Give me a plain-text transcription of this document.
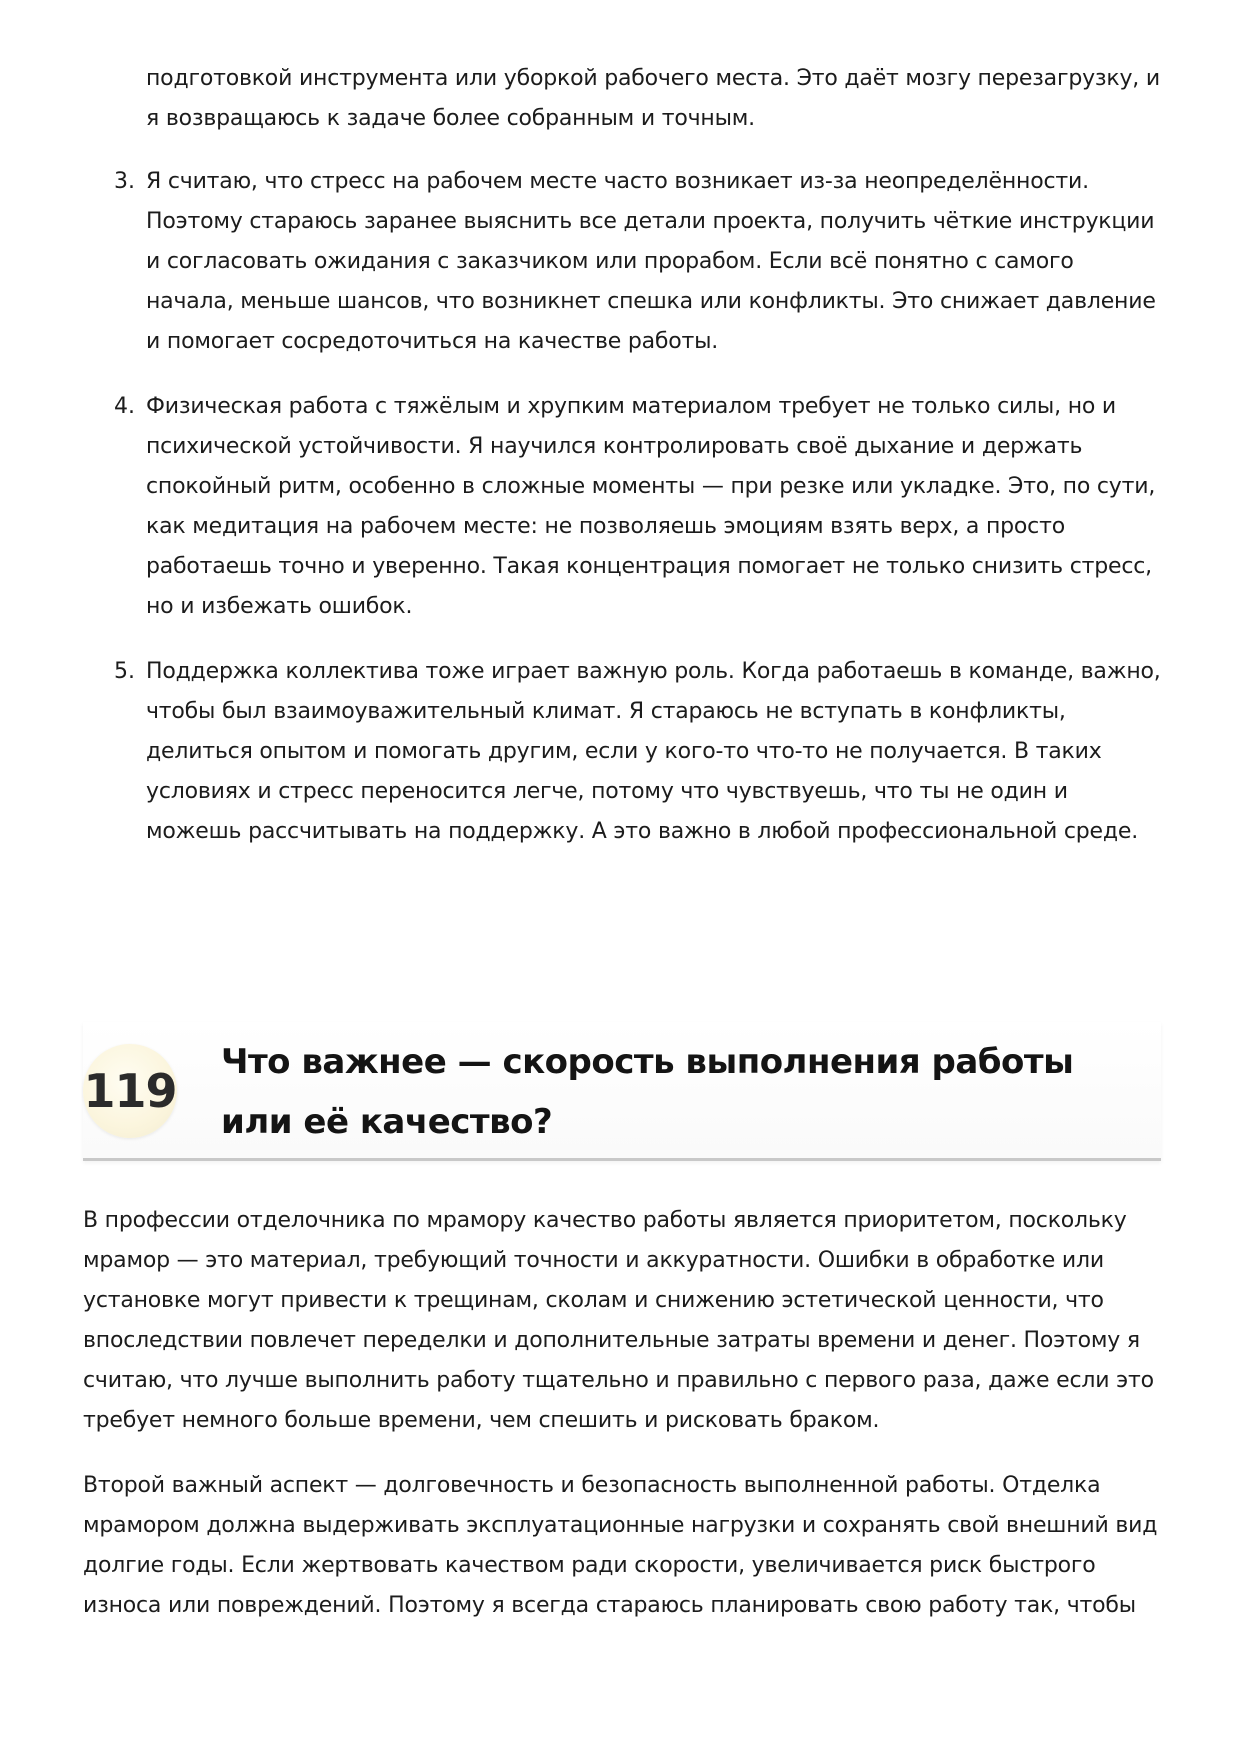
подготовкой инструмента или уборкой рабочего места. Это даёт мозгу перезагрузку, и я возвращаюсь к задаче более собранным и точным.

3. Я считаю, что стресс на рабочем месте часто возникает из-за неопределённости. Поэтому стараюсь заранее выяснить все детали проекта, получить чёткие инструкции и согласовать ожидания с заказчиком или прорабом. Если всё понятно с самого начала, меньше шансов, что возникнет спешка или конфликты. Это снижает давление и помогает сосредоточиться на качестве работы.

4. Физическая работа с тяжёлым и хрупким материалом требует не только силы, но и психической устойчивости. Я научился контролировать своё дыхание и держать спокойный ритм, особенно в сложные моменты — при резке или укладке. Это, по сути, как медитация на рабочем месте: не позволяешь эмоциям взять верх, а просто работаешь точно и уверенно. Такая концентрация помогает не только снизить стресс, но и избежать ошибок.

5. Поддержка коллектива тоже играет важную роль. Когда работаешь в команде, важно, чтобы был взаимоуважительный климат. Я стараюсь не вступать в конфликты, делиться опытом и помогать другим, если у кого-то что-то не получается. В таких условиях и стресс переносится легче, потому что чувствуешь, что ты не один и можешь рассчитывать на поддержку. А это важно в любой профессиональной среде.

119
Что важнее — скорость выполнения работы или её качество?

В профессии отделочника по мрамору качество работы является приоритетом, поскольку мрамор — это материал, требующий точности и аккуратности. Ошибки в обработке или установке могут привести к трещинам, сколам и снижению эстетической ценности, что впоследствии повлечет переделки и дополнительные затраты времени и денег. Поэтому я считаю, что лучше выполнить работу тщательно и правильно с первого раза, даже если это требует немного больше времени, чем спешить и рисковать браком.

Второй важный аспект — долговечность и безопасность выполненной работы. Отделка мрамором должна выдерживать эксплуатационные нагрузки и сохранять свой внешний вид долгие годы. Если жертвовать качеством ради скорости, увеличивается риск быстрого износа или повреждений. Поэтому я всегда стараюсь планировать свою работу так, чтобы
